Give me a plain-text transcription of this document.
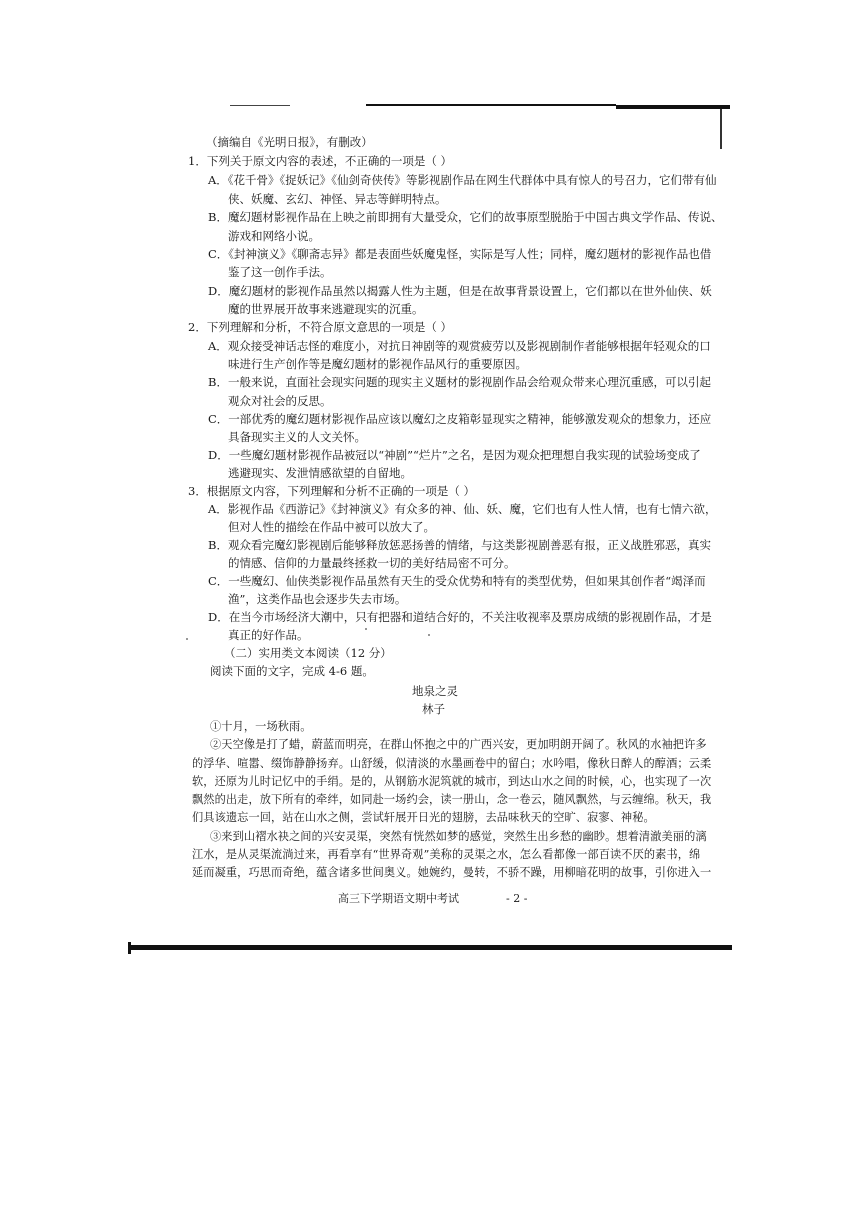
（摘编自《光明日报》，有删改）
1．下列关于原文内容的表述，不正确的一项是（ ）
A．《花千骨》《捉妖记》《仙剑奇侠传》等影视剧作品在网生代群体中具有惊人的号召力，它们带有仙
侠、妖魔、玄幻、神怪、异志等鲜明特点。
B．魔幻题材影视作品在上映之前即拥有大量受众，它们的故事原型脱胎于中国古典文学作品、传说、
游戏和网络小说。
C．《封神演义》《聊斋志异》都是表面些妖魔鬼怪，实际是写人性；同样，魔幻题材的影视作品也借
鉴了这一创作手法。
D．魔幻题材的影视作品虽然以揭露人性为主题，但是在故事背景设置上，它们都以在世外仙侠、妖
魔的世界展开故事来逃避现实的沉重。
2．下列理解和分析，不符合原文意思的一项是（ ）
A．观众接受神话志怪的难度小，对抗日神剧等的观赏疲劳以及影视剧制作者能够根据年轻观众的口
味进行生产创作等是魔幻题材的影视作品风行的重要原因。
B．一般来说，直面社会现实问题的现实主义题材的影视剧作品会给观众带来心理沉重感，可以引起
观众对社会的反思。
C．一部优秀的魔幻题材影视作品应该以魔幻之皮箱彰显现实之精神，能够激发观众的想象力，还应
具备现实主义的人文关怀。
D．一些魔幻题材影视作品被冠以“神剧”“烂片”之名，是因为观众把理想自我实现的试验场变成了
逃避现实、发泄情感欲望的自留地。
3．根据原文内容，下列理解和分析不正确的一项是（ ）
A．影视作品《西游记》《封神演义》有众多的神、仙、妖、魔，它们也有人性人情，也有七情六欲，
但对人性的描绘在作品中被可以放大了。
B．观众看完魔幻影视剧后能够释放惩恶扬善的情绪，与这类影视剧善恶有报，正义战胜邪恶，真实
的情感、信仰的力量最终拯救一切的美好结局密不可分。
C．一些魔幻、仙侠类影视作品虽然有天生的受众优势和特有的类型优势，但如果其创作者“竭泽而
渔”，这类作品也会逐步失去市场。
D．在当今市场经济大潮中，只有把器和道结合好的，不关注收视率及票房成绩的影视剧作品，才是
真正的好作品。
（二）实用类文本阅读（12 分）
阅读下面的文字，完成 4-6 题。
地泉之灵
林子
①十月，一场秋雨。
②天空像是打了蜡，蔚蓝而明亮，在群山怀抱之中的广西兴安，更加明朗开阔了。秋风的水袖把许多
的浮华、喧嚣、缀饰静静扬弃。山舒缓，似清淡的水墨画卷中的留白；水吟唱，像秋日醉人的醇酒；云柔
软，还原为儿时记忆中的手绢。是的，从钢筋水泥筑就的城市，到达山水之间的时候，心，也实现了一次
飘然的出走，放下所有的牵绊，如同赴一场约会，读一册山，念一卷云，随风飘然，与云缠绵。秋天，我
们具该遗忘一回，站在山水之侧，尝试轩展开日光的翅膀，去品味秋天的空旷、寂寥、神秘。
③来到山褶水袂之间的兴安灵渠，突然有恍然如梦的感觉，突然生出乡愁的幽眇。想着清澈美丽的漓
江水，是从灵渠流淌过来，再看享有“世界奇观”美称的灵渠之水，怎么看都像一部百读不厌的素书，绵
延而凝重，巧思而奇绝，蕴含诸多世间奥义。她婉约，曼转，不骄不躁，用柳暗花明的故事，引你进入一
高三下学期语文期中考试	- 2 -
